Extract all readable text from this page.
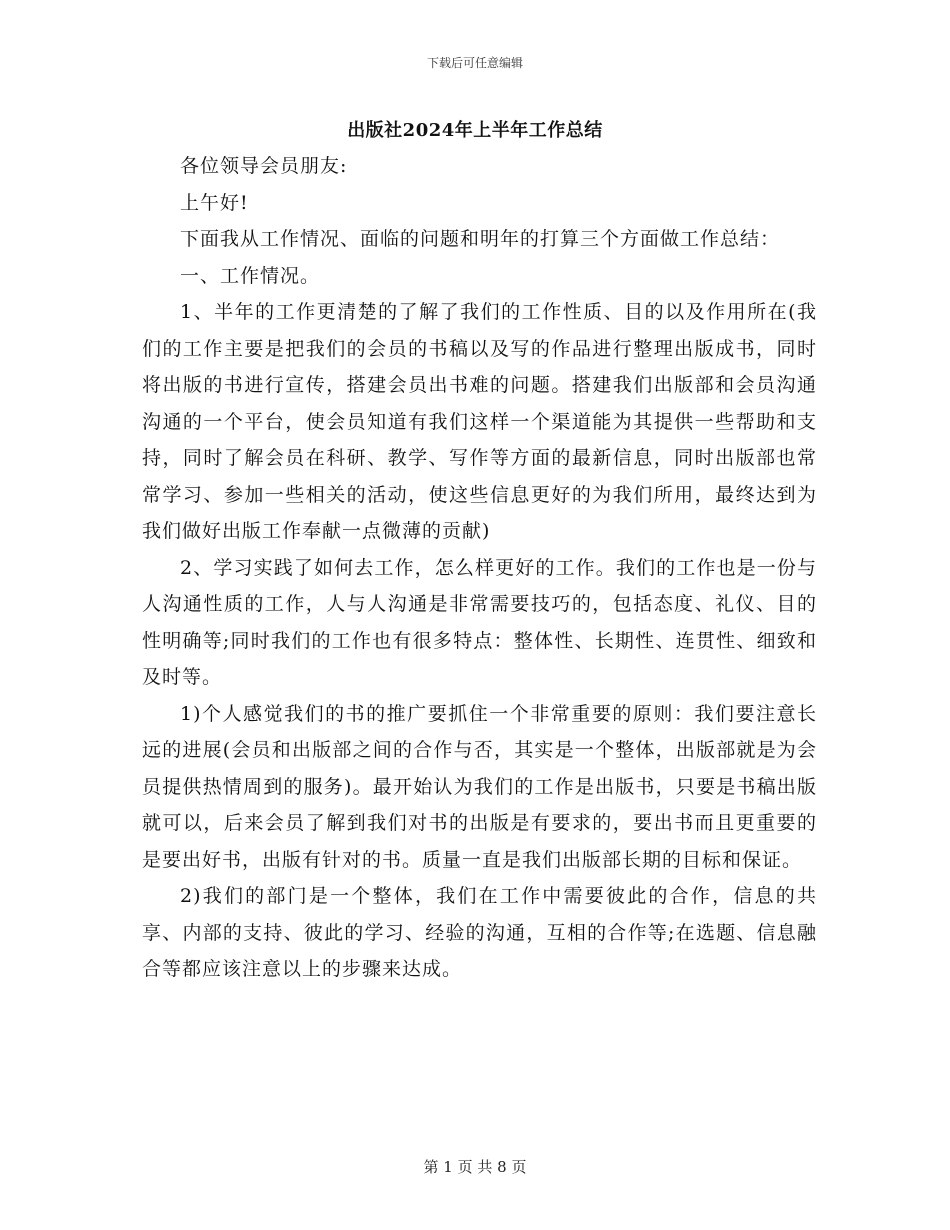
下载后可任意编辑
出版社2024年上半年工作总结

各位领导会员朋友:

上午好!

下面我从工作情况、面临的问题和明年的打算三个方面做工作总结：

一、工作情况。

1、半年的工作更清楚的了解了我们的工作性质、目的以及作用所在(我们的工作主要是把我们的会员的书稿以及写的作品进行整理出版成书，同时将出版的书进行宣传，搭建会员出书难的问题。搭建我们出版部和会员沟通沟通的一个平台，使会员知道有我们这样一个渠道能为其提供一些帮助和支持，同时了解会员在科研、教学、写作等方面的最新信息，同时出版部也常常学习、参加一些相关的活动，使这些信息更好的为我们所用，最终达到为我们做好出版工作奉献一点微薄的贡献)

2、学习实践了如何去工作，怎么样更好的工作。我们的工作也是一份与人沟通性质的工作，人与人沟通是非常需要技巧的，包括态度、礼仪、目的性明确等;同时我们的工作也有很多特点：整体性、长期性、连贯性、细致和及时等。

1)个人感觉我们的书的推广要抓住一个非常重要的原则：我们要注意长远的进展(会员和出版部之间的合作与否，其实是一个整体，出版部就是为会员提供热情周到的服务)。最开始认为我们的工作是出版书，只要是书稿出版就可以，后来会员了解到我们对书的出版是有要求的，要出书而且更重要的是要出好书，出版有针对的书。质量一直是我们出版部长期的目标和保证。

2)我们的部门是一个整体，我们在工作中需要彼此的合作，信息的共享、内部的支持、彼此的学习、经验的沟通，互相的合作等;在选题、信息融合等都应该注意以上的步骤来达成。

第 1 页 共 8 页
